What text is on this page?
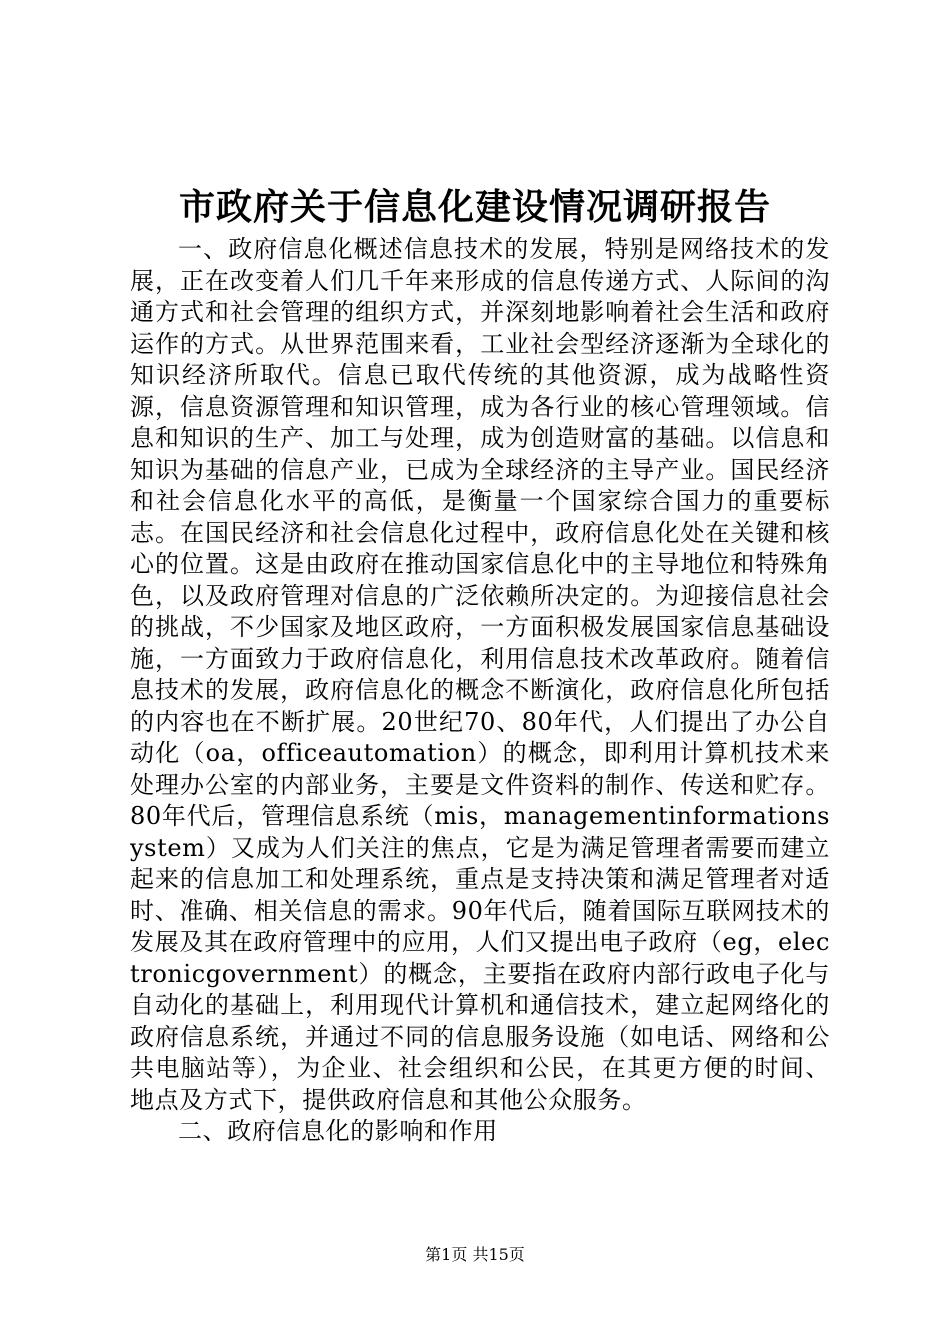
市政府关于信息化建设情况调研报告

一、政府信息化概述信息技术的发展，特别是网络技术的发展，正在改变着人们几千年来形成的信息传递方式、人际间的沟通方式和社会管理的组织方式，并深刻地影响着社会生活和政府运作的方式。从世界范围来看，工业社会型经济逐渐为全球化的知识经济所取代。信息已取代传统的其他资源，成为战略性资源，信息资源管理和知识管理，成为各行业的核心管理领域。信息和知识的生产、加工与处理，成为创造财富的基础。以信息和知识为基础的信息产业，已成为全球经济的主导产业。国民经济和社会信息化水平的高低，是衡量一个国家综合国力的重要标志。在国民经济和社会信息化过程中，政府信息化处在关键和核心的位置。这是由政府在推动国家信息化中的主导地位和特殊角色，以及政府管理对信息的广泛依赖所决定的。为迎接信息社会的挑战，不少国家及地区政府，一方面积极发展国家信息基础设施，一方面致力于政府信息化，利用信息技术改革政府。随着信息技术的发展，政府信息化的概念不断演化，政府信息化所包括的内容也在不断扩展。20世纪70、80年代，人们提出了办公自动化（oa，officeautomation）的概念，即利用计算机技术来处理办公室的内部业务，主要是文件资料的制作、传送和贮存。80年代后，管理信息系统（mis，managementinformationsystem）又成为人们关注的焦点，它是为满足管理者需要而建立起来的信息加工和处理系统，重点是支持决策和满足管理者对适时、准确、相关信息的需求。90年代后，随着国际互联网技术的发展及其在政府管理中的应用，人们又提出电子政府（eg，electronicgovernment）的概念，主要指在政府内部行政电子化与自动化的基础上，利用现代计算机和通信技术，建立起网络化的政府信息系统，并通过不同的信息服务设施（如电话、网络和公共电脑站等），为企业、社会组织和公民，在其更方便的时间、地点及方式下，提供政府信息和其他公众服务。

二、政府信息化的影响和作用

第1页 共15页
